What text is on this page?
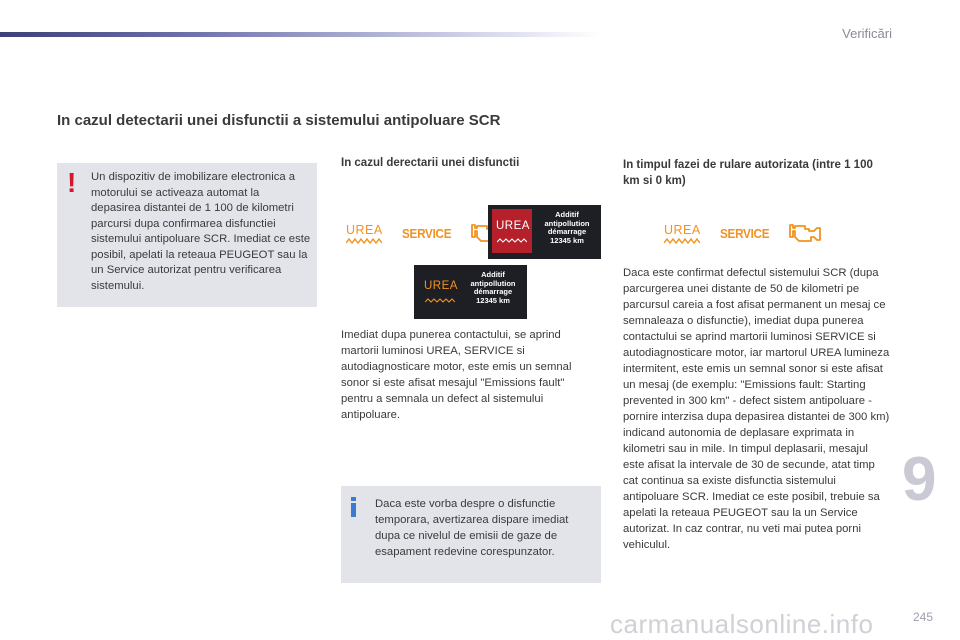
Verificări
In cazul detectarii unei disfunctii a sistemului antipoluare SCR
! Un dispozitiv de imobilizare electronica a motorului se activeaza automat la depasirea distantei de 1 100 de kilometri parcursi dupa confirmarea disfunctiei sistemului antipoluare SCR. Imediat ce este posibil, apelati la reteaua PEUGEOT sau la un Service autorizat pentru verificarea sistemului.
In cazul derectarii unei disfunctii
UREA SERVICE	UREA
Additif antipollution démarrage 12345 km
UREA
Additif antipollution démarrage 12345 km
Imediat dupa punerea contactului, se aprind martorii luminosi UREA, SERVICE si autodiagnosticare motor, este emis un semnal sonor si este afisat mesajul "Emissions fault" pentru a semnala un defect al sistemului antipoluare.
Daca este vorba despre o disfunctie temporara, avertizarea dispare imediat dupa ce nivelul de emisii de gaze de esapament redevine corespunzator.
In timpul fazei de rulare autorizata (intre 1 100 km si 0 km)
UREA SERVICE
Daca este confirmat defectul sistemului SCR (dupa parcurgerea unei distante de 50 de kilometri pe parcursul careia a fost afisat permanent un mesaj ce semnaleaza o disfunctie), imediat dupa punerea contactului se aprind martorii luminosi SERVICE si autodiagnosticare motor, iar martorul UREA lumineza intermitent, este emis un semnal sonor si este afisat un mesaj (de exemplu: "Emissions fault: Starting prevented in 300 km" - defect sistem antipoluare - pornire interzisa dupa depasirea distantei de 300 km) indicand autonomia de deplasare exprimata in kilometri sau in mile. In timpul deplasarii, mesajul este afisat la intervale de 30 de secunde, atat timp cat continua sa existe disfunctia sistemului antipoluare SCR. Imediat ce este posibil, trebuie sa apelati la reteaua PEUGEOT sau la un Service autorizat. In caz contrar, nu veti mai putea porni vehiculul.
9
carmanualsonline.info	245
